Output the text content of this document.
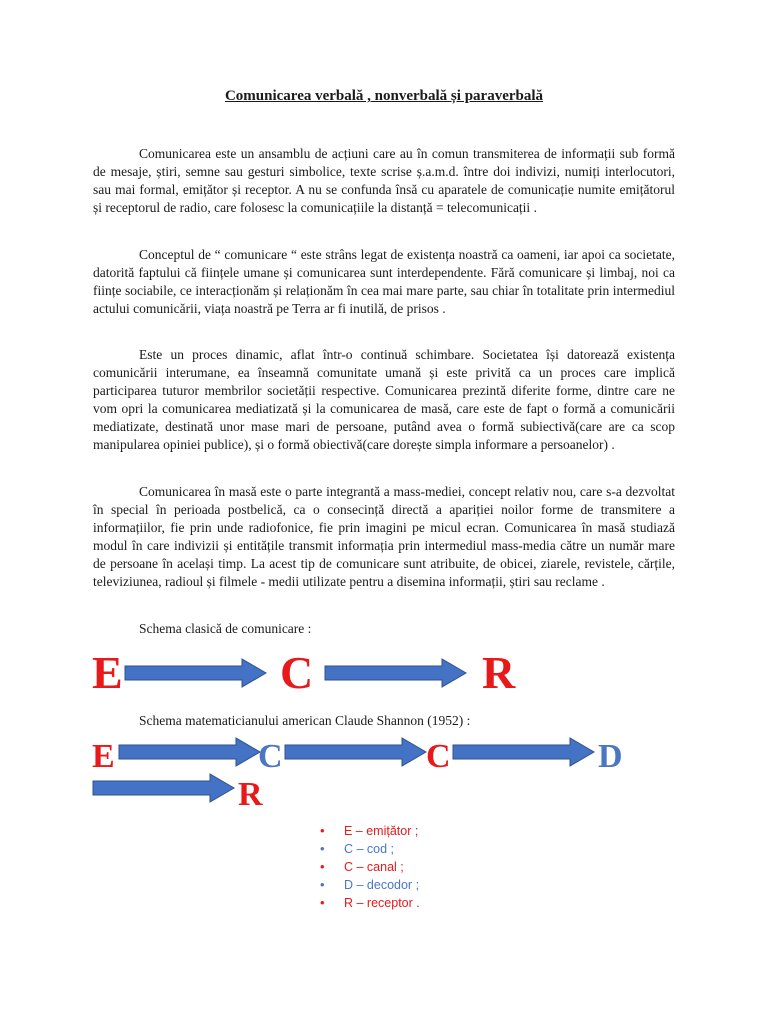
Comunicarea verbală , nonverbală și paraverbală

Comunicarea este un ansamblu de acțiuni care au în comun transmiterea de informații sub formă de mesaje, știri, semne sau gesturi simbolice, texte scrise ș.a.m.d. între doi indivizi, numiți interlocutori, sau mai formal, emițător și receptor. A nu se confunda însă cu aparatele de comunicație numite emițătorul și receptorul de radio, care folosesc la comunicațiile la distanță = telecomunicații .

Conceptul de “ comunicare “ este strâns legat de existența noastră ca oameni, iar apoi ca societate, datorită faptului că ființele umane și comunicarea sunt interdependente. Fără comunicare și limbaj, noi ca ființe sociabile, ce interacționăm și relaționăm în cea mai mare parte, sau chiar în totalitate prin intermediul actului comunicării, viața noastră pe Terra ar fi inutilă, de prisos .

Este un proces dinamic, aflat într-o continuă schimbare. Societatea își datorează existența comunicării interumane, ea înseamnă comunitate umană și este privită ca un proces care implică participarea tuturor membrilor societății respective. Comunicarea prezintă diferite forme, dintre care ne vom opri la comunicarea mediatizată și la comunicarea de masă, care este de fapt o formă a comunicării mediatizate, destinată unor mase mari de persoane, putând avea o formă subiectivă(care are ca scop manipularea opiniei publice), și o formă obiectivă(care dorește simpla informare a persoanelor) .

Comunicarea în masă este o parte integrantă a mass-mediei, concept relativ nou, care s-a dezvoltat în special în perioada postbelică, ca o consecință directă a apariției noilor forme de transmitere a informațiilor, fie prin unde radiofonice, fie prin imagini pe micul ecran. Comunicarea în masă studiază modul în care indivizii și entitățile transmit informația prin intermediul mass-media către un număr mare de persoane în același timp. La acest tip de comunicare sunt atribuite, de obicei, ziarele, revistele, cărțile, televiziunea, radioul și filmele - medii utilizate pentru a disemina informații, știri sau reclame .

Schema clasică de comunicare :

E	C	R

Schema matematicianului american Claude Shannon (1952) :

E	C	C	D
R
• E – emițător ;
• C – cod ;
• C – canal ;
• D – decodor ;
• R – receptor .
